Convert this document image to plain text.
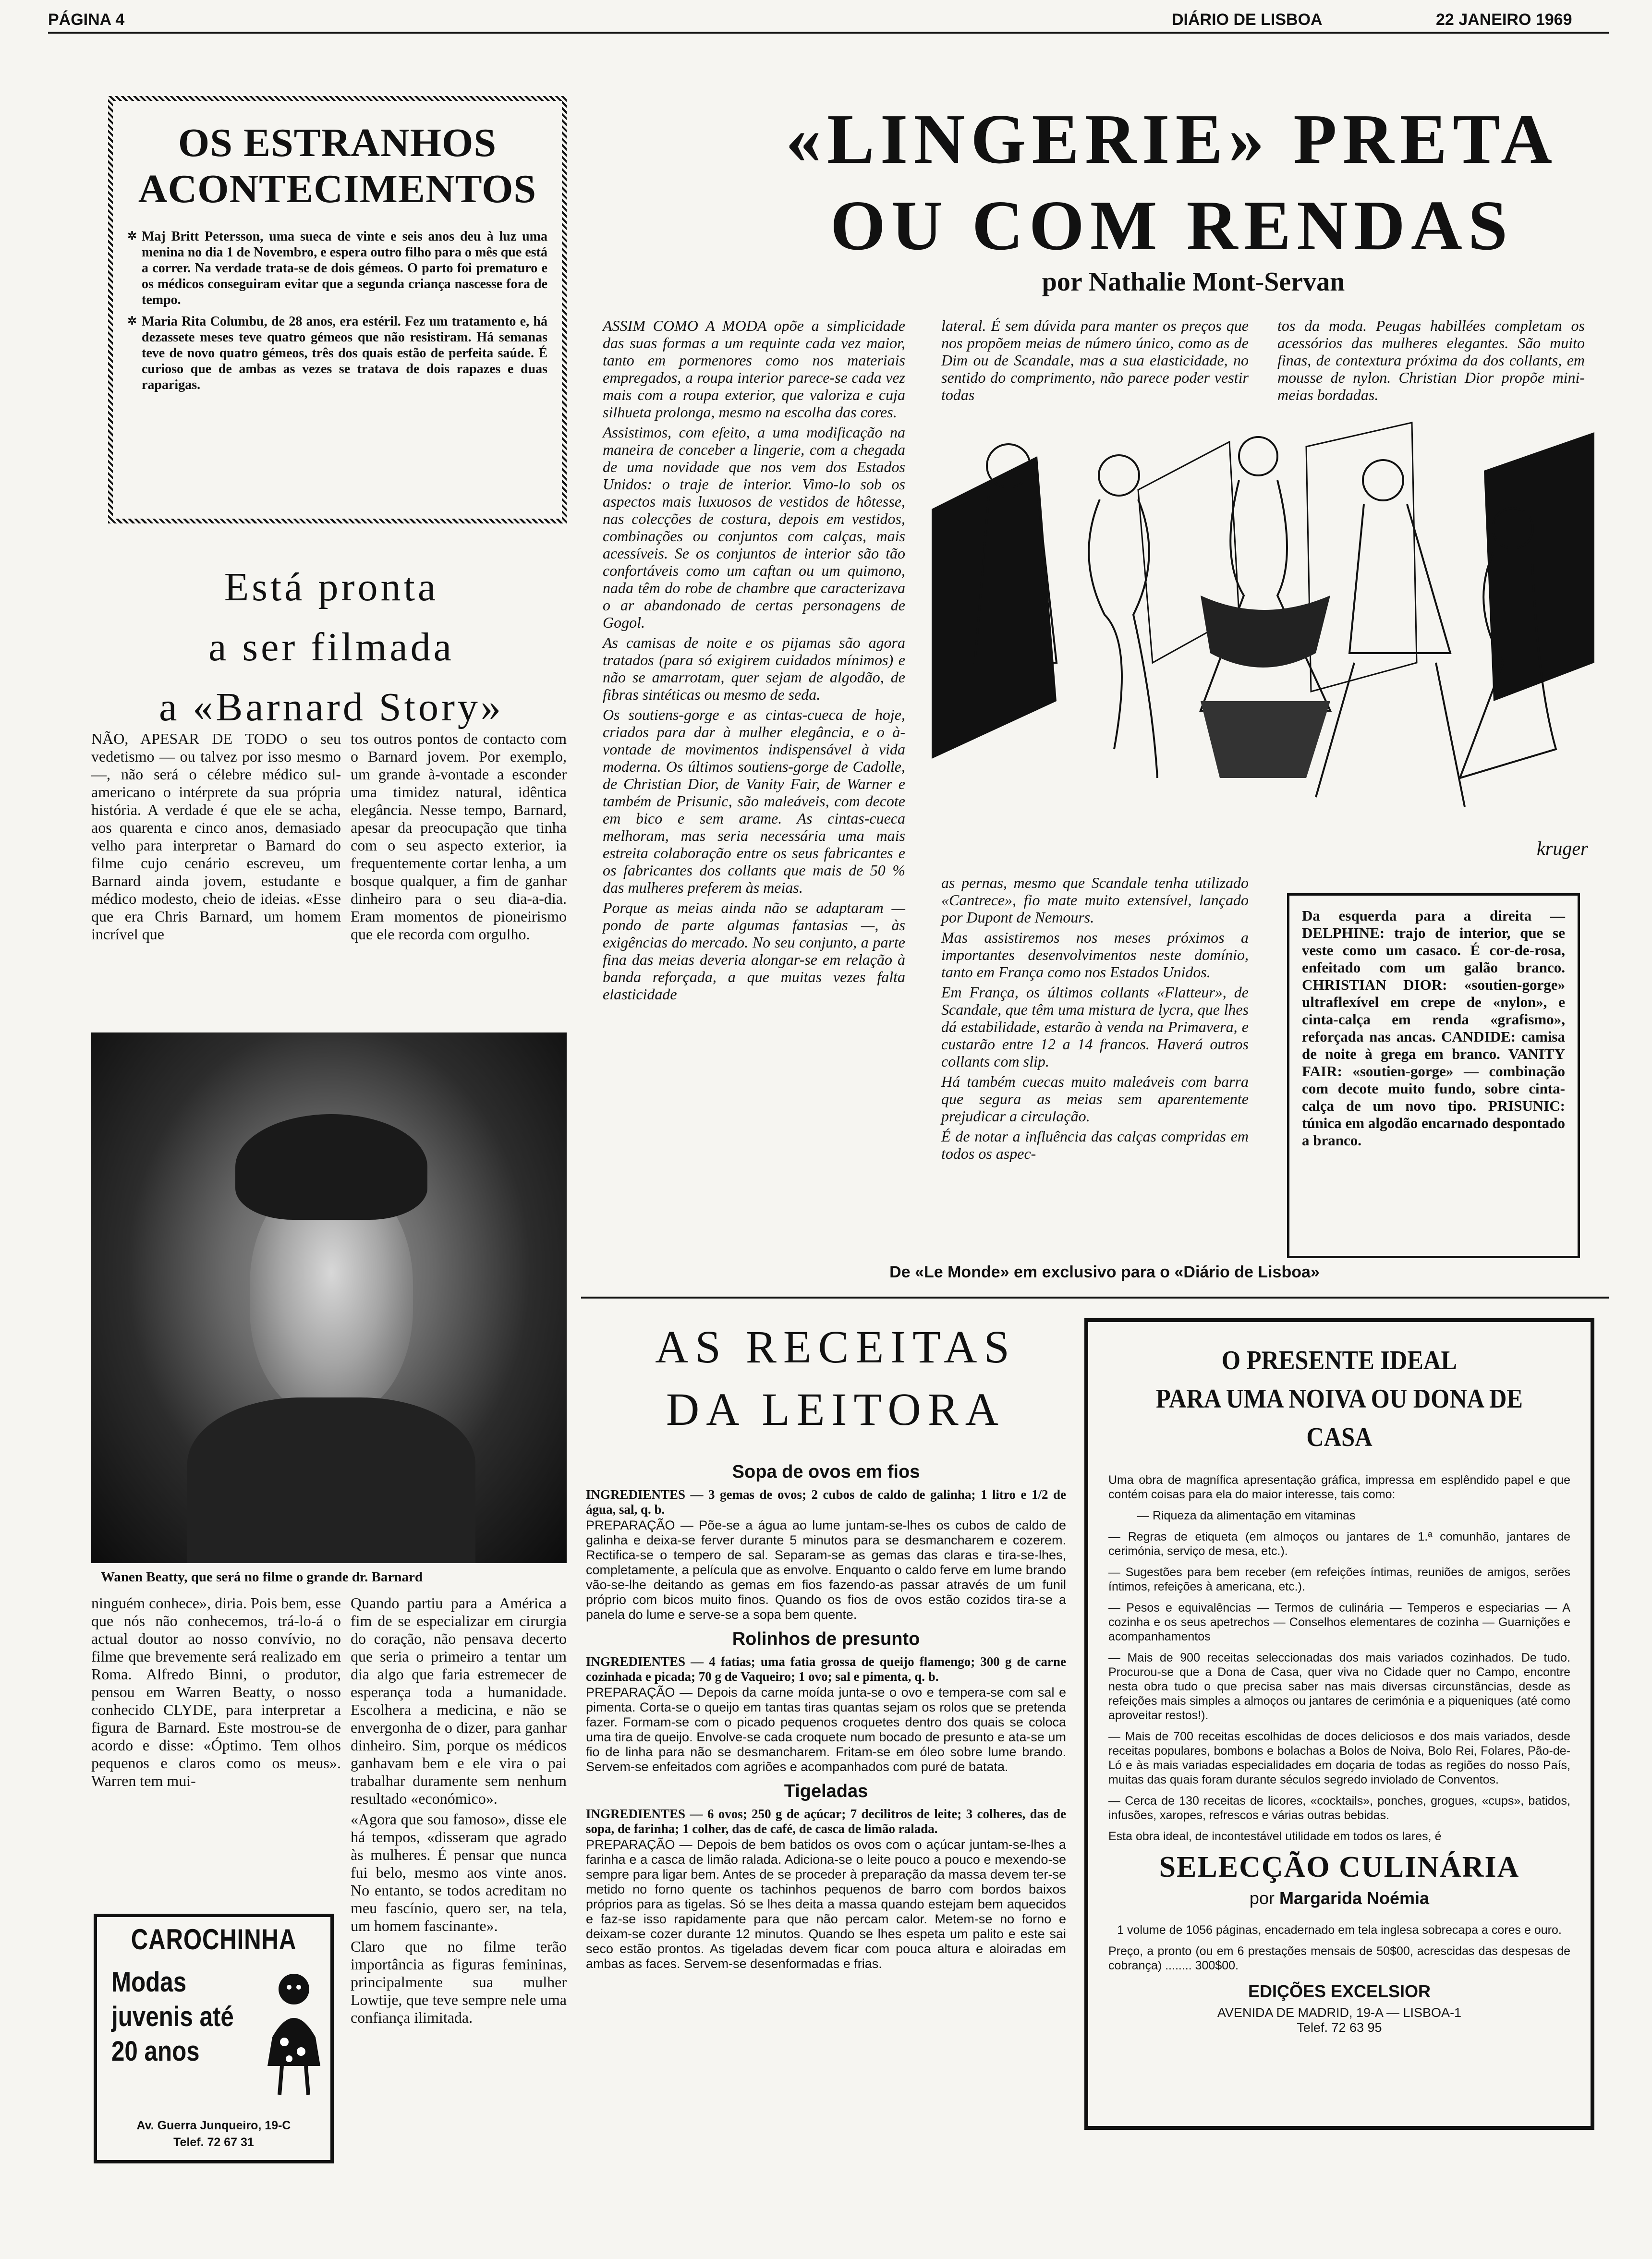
PÁGINA 4	DIÁRIO DE LISBOA	22 JANEIRO 1969
OS ESTRANHOS
ACONTECIMENTOS
✲ Maj Britt Petersson, uma sueca de vinte e seis anos deu à luz uma menina no dia 1 de Novembro, e espera outro filho para o mês que está a correr. Na verdade trata-se de dois gémeos. O parto foi prematuro e os médicos conseguiram evitar que a segunda criança nascesse fora de tempo.
✲ Maria Rita Columbu, de 28 anos, era estéril. Fez um tratamento e, há dezassete meses teve quatro gémeos que não resistiram. Há semanas teve de novo quatro gémeos, três dos quais estão de perfeita saúde. É curioso que de ambas as vezes se tratava de dois rapazes e duas raparigas.
Está pronta
a ser filmada
a «Barnard Story»
NÃO, APESAR DE TODO o seu vedetismo — ou talvez por isso mesmo —, não será o célebre médico sul-americano o intérprete da sua própria história. A verdade é que ele se acha, aos quarenta e cinco anos, demasiado velho para interpretar o Barnard do filme cujo cenário escreveu, um Barnard ainda jovem, estudante e médico modesto, cheio de ideias. «Esse que era Chris Barnard, um homem incrível que
tos outros pontos de contacto com o Barnard jovem. Por exemplo, um grande à-vontade a esconder uma timidez natural, idêntica elegância. Nesse tempo, Barnard, apesar da preocupação que tinha com o seu aspecto exterior, ia frequentemente cortar lenha, a um bosque qualquer, a fim de ganhar dinheiro para o seu dia-a-dia. Eram momentos de pioneirismo que ele recorda com orgulho.
Wanen Beatty, que será no filme o grande dr. Barnard
ninguém conhece», diria. Pois bem, esse que nós não conhecemos, trá-lo-á o actual doutor ao nosso convívio, no filme que brevemente será realizado em Roma. Alfredo Binni, o produtor, pensou em Warren Beatty, o nosso conhecido CLYDE, para interpretar a figura de Barnard. Este mostrou-se de acordo e disse: «Óptimo. Tem olhos pequenos e claros como os meus». Warren tem mui-

Quando partiu para a América a fim de se especializar em cirurgia do coração, não pensava decerto que seria o primeiro a tentar um dia algo que faria estremecer de esperança toda a humanidade. Escolhera a medicina, e não se envergonha de o dizer, para ganhar dinheiro. Sim, porque os médicos ganhavam bem e ele vira o pai trabalhar duramente sem nenhum resultado «económico».

«Agora que sou famoso», disse ele há tempos, «disseram que agrado às mulheres. É pensar que nunca fui belo, mesmo aos vinte anos. No entanto, se todos acreditam no meu fascínio, quero ser, na tela, um homem fascinante».

Claro que no filme terão importância as figuras femininas, principalmente sua mulher Lowtije, que teve sempre nele uma confiança ilimitada.

CAROCHINHA
Modas
juvenis até
20 anos
Av. Guerra Junqueiro, 19-C
Telef. 72 67 31
«LINGERIE» PRETA
OU COM RENDAS
por Nathalie Mont-Servan

ASSIM COMO A MODA opõe a simplicidade das suas formas a um requinte cada vez maior, tanto em pormenores como nos materiais empregados, a roupa interior parece-se cada vez mais com a roupa exterior, que valoriza e cuja silhueta prolonga, mesmo na escolha das cores.

Assistimos, com efeito, a uma modificação na maneira de conceber a lingerie, com a chegada de uma novidade que nos vem dos Estados Unidos: o traje de interior. Vimo-lo sob os aspectos mais luxuosos de vestidos de hôtesse, nas colecções de costura, depois em vestidos, combinações ou conjuntos com calças, mais acessíveis. Se os conjuntos de interior são tão confortáveis como um caftan ou um quimono, nada têm do robe de chambre que caracterizava o ar abandonado de certas personagens de Gogol.

As camisas de noite e os pijamas são agora tratados (para só exigirem cuidados mínimos) e não se amarrotam, quer sejam de algodão, de fibras sintéticas ou mesmo de seda.

Os soutiens-gorge e as cintas-cueca de hoje, criados para dar à mulher elegância, e o à-vontade de movimentos indispensável à vida moderna. Os últimos soutiens-gorge de Cadolle, de Christian Dior, de Vanity Fair, de Warner e também de Prisunic, são maleáveis, com decote em bico e sem arame. As cintas-cueca melhoram, mas seria necessária uma mais estreita colaboração entre os seus fabricantes e os fabricantes dos collants que mais de 50 % das mulheres preferem às meias.

Porque as meias ainda não se adaptaram — pondo de parte algumas fantasias —, às exigências do mercado. No seu conjunto, a parte fina das meias deveria alongar-se em relação à banda reforçada, a que muitas vezes falta elasticidade

lateral. É sem dúvida para manter os preços que nos propõem meias de número único, como as de Dim ou de Scandale, mas a sua elasticidade, no sentido do comprimento, não parece poder vestir todas
tos da moda. Peugas habillées completam os acessórios das mulheres elegantes. São muito finas, de contextura próxima da dos collants, em mousse de nylon. Christian Dior propõe mini-meias bordadas.
kruger

as pernas, mesmo que Scandale tenha utilizado «Cantrece», fio mate muito extensível, lançado por Dupont de Nemours.

Mas assistiremos nos meses próximos a importantes desenvolvimentos neste domínio, tanto em França como nos Estados Unidos.

Em França, os últimos collants «Flatteur», de Scandale, que têm uma mistura de lycra, que lhes dá estabilidade, estarão à venda na Primavera, e custarão entre 12 a 14 francos. Haverá outros collants com slip.

Há também cuecas muito maleáveis com barra que segura as meias sem aparentemente prejudicar a circulação.

É de notar a influência das calças compridas em todos os aspec-

Da esquerda para a direita — DELPHINE: trajo de interior, que se veste como um casaco. É cor-de-rosa, enfeitado com um galão branco. CHRISTIAN DIOR: «soutien-gorge» ultraflexível em crepe de «nylon», e cinta-calça em renda «grafismo», reforçada nas ancas. CANDIDE: camisa de noite à grega em branco. VANITY FAIR: «soutien-gorge» — combinação com decote muito fundo, sobre cinta-calça de um novo tipo. PRISUNIC: túnica em algodão encarnado despontado a branco.
De «Le Monde» em exclusivo para o «Diário de Lisboa»
AS RECEITAS
DA LEITORA
Sopa de ovos em fios

INGREDIENTES — 3 gemas de ovos; 2 cubos de caldo de galinha; 1 litro e 1/2 de água, sal, q. b.

PREPARAÇÃO — Põe-se a água ao lume juntam-se-lhes os cubos de caldo de galinha e deixa-se ferver durante 5 minutos para se desmancharem e cozerem. Rectifica-se o tempero de sal. Separam-se as gemas das claras e tira-se-lhes, completamente, a película que as envolve. Enquanto o caldo ferve em lume brando vão-se-lhe deitando as gemas em fios fazendo-as passar através de um funil próprio com bicos muito finos. Quando os fios de ovos estão cozidos tira-se a panela do lume e serve-se a sopa bem quente.

Rolinhos de presunto

INGREDIENTES — 4 fatias; uma fatia grossa de queijo flamengo; 300 g de carne cozinhada e picada; 70 g de Vaqueiro; 1 ovo; sal e pimenta, q. b.

PREPARAÇÃO — Depois da carne moída junta-se o ovo e tempera-se com sal e pimenta. Corta-se o queijo em tantas tiras quantas sejam os rolos que se pretenda fazer. Formam-se com o picado pequenos croquetes dentro dos quais se coloca uma tira de queijo. Envolve-se cada croquete num bocado de presunto e ata-se um fio de linha para não se desmancharem. Fritam-se em óleo sobre lume brando. Servem-se enfeitados com agriões e acompanhados com puré de batata.

Tigeladas

INGREDIENTES — 6 ovos; 250 g de açúcar; 7 decilitros de leite; 3 colheres, das de sopa, de farinha; 1 colher, das de café, de casca de limão ralada.

PREPARAÇÃO — Depois de bem batidos os ovos com o açúcar juntam-se-lhes a farinha e a casca de limão ralada. Adiciona-se o leite pouco a pouco e mexendo-se sempre para ligar bem. Antes de se proceder à preparação da massa devem ter-se metido no forno quente os tachinhos pequenos de barro com bordos baixos próprios para as tigelas. Só se lhes deita a massa quando estejam bem aquecidos e faz-se isso rapidamente para que não percam calor. Metem-se no forno e deixam-se cozer durante 12 minutos. Quando se lhes espeta um palito e este sai seco estão prontos. As tigeladas devem ficar com pouca altura e aloiradas em ambas as faces. Servem-se desenformadas e frias.

O PRESENTE IDEAL
PARA UMA NOIVA OU DONA DE CASA

Uma obra de magnífica apresentação gráfica, impressa em esplêndido papel e que contém coisas para ela do maior interesse, tais como:

— Riqueza da alimentação em vitaminas

— Regras de etiqueta (em almoços ou jantares de 1.ª comunhão, jantares de cerimónia, serviço de mesa, etc.).

— Sugestões para bem receber (em refeições íntimas, reuniões de amigos, serões íntimos, refeições à americana, etc.).

— Pesos e equivalências — Termos de culinária — Temperos e especiarias — A cozinha e os seus apetrechos — Conselhos elementares de cozinha — Guarnições e acompanhamentos

— Mais de 900 receitas seleccionadas dos mais variados cozinhados. De tudo. Procurou-se que a Dona de Casa, quer viva no Cidade quer no Campo, encontre nesta obra tudo o que precisa saber nas mais diversas circunstâncias, desde as refeições mais simples a almoços ou jantares de cerimónia e a piqueniques (até como aproveitar restos!).

— Mais de 700 receitas escolhidas de doces deliciosos e dos mais variados, desde receitas populares, bombons e bolachas a Bolos de Noiva, Bolo Rei, Folares, Pão-de-Ló e às mais variadas especialidades em doçaria de todas as regiões do nosso País, muitas das quais foram durante séculos segredo inviolado de Conventos.

— Cerca de 130 receitas de licores, «cocktails», ponches, grogues, «cups», batidos, infusões, xaropes, refrescos e várias outras bebidas.

Esta obra ideal, de incontestável utilidade em todos os lares, é

SELECÇÃO CULINÁRIA
por Margarida Noémia

1 volume de 1056 páginas, encadernado em tela inglesa sobrecapa a cores e ouro.

Preço, a pronto (ou em 6 prestações mensais de 50$00, acrescidas das despesas de cobrança) ........ 300$00.

EDIÇÕES EXCELSIOR
AVENIDA DE MADRID, 19-A — LISBOA-1
Telef. 72 63 95
